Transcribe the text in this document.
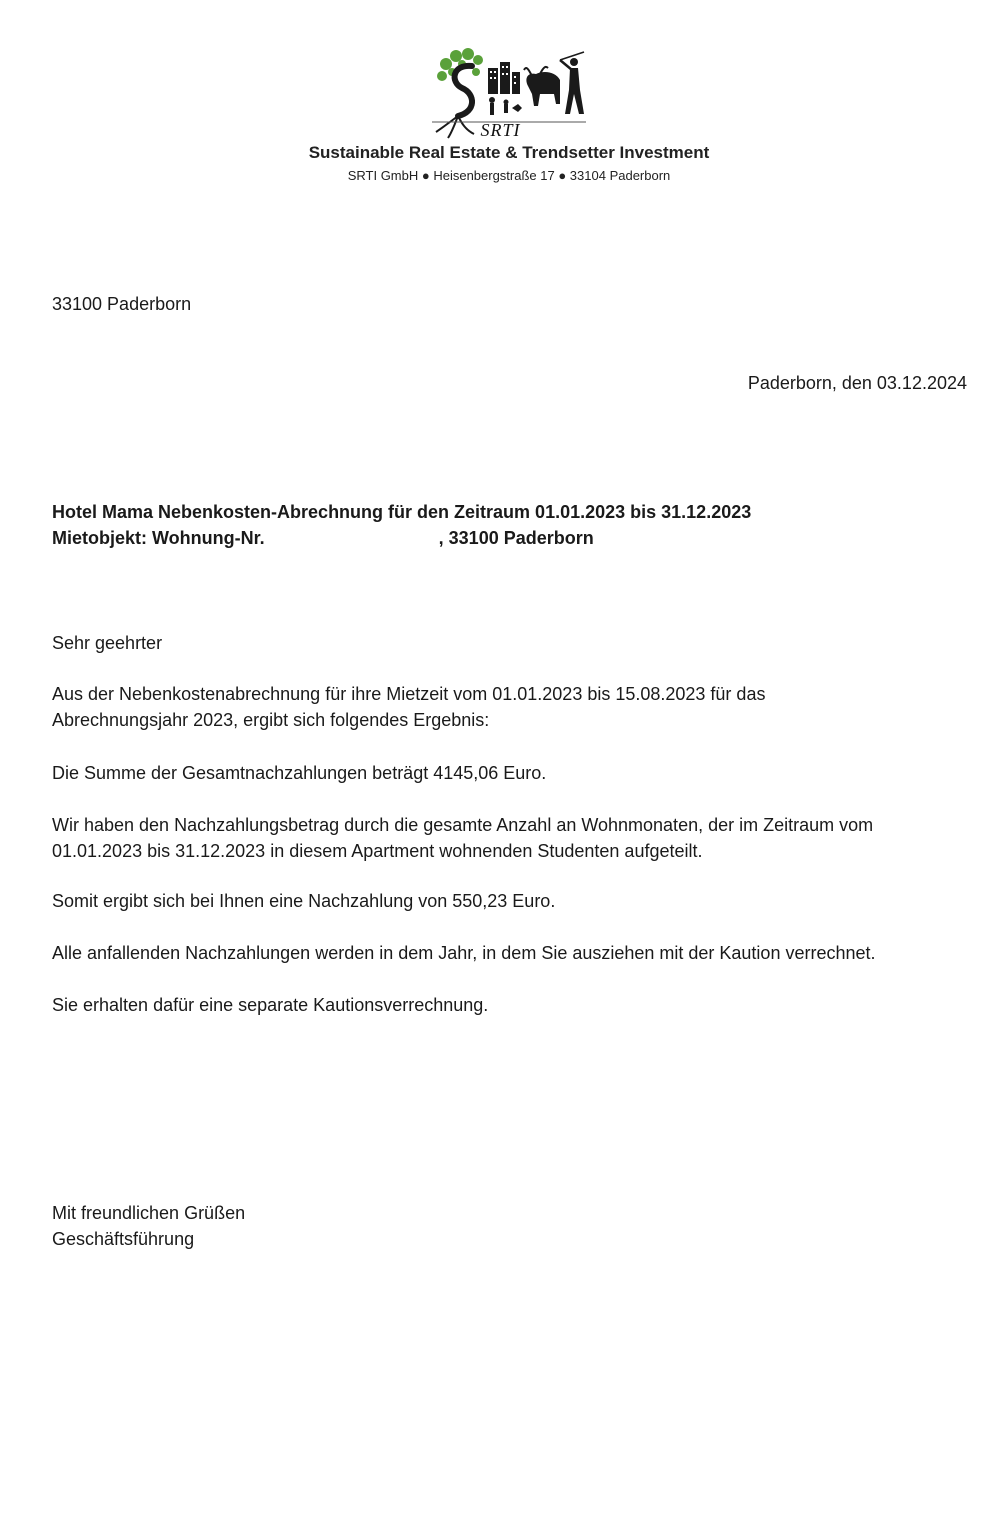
SRTI
Sustainable Real Estate & Trendsetter Investment
SRTI GmbH ● Heisenbergstraße 17 ● 33104 Paderborn
33100 Paderborn
Paderborn, den 03.12.2024
Hotel Mama Nebenkosten-Abrechnung für den Zeitraum 01.01.2023 bis 31.12.2023
Mietobjekt: Wohnung-Nr.	, 33100 Paderborn
Sehr geehrter
Aus der Nebenkostenabrechnung für ihre Mietzeit vom 01.01.2023 bis 15.08.2023 für das
Abrechnungsjahr 2023, ergibt sich folgendes Ergebnis:
Die Summe der Gesamtnachzahlungen beträgt 4145,06 Euro.
Wir haben den Nachzahlungsbetrag durch die gesamte Anzahl an Wohnmonaten, der im Zeitraum vom
01.01.2023 bis 31.12.2023 in diesem Apartment wohnenden Studenten aufgeteilt.
Somit ergibt sich bei Ihnen eine Nachzahlung von 550,23 Euro.
Alle anfallenden Nachzahlungen werden in dem Jahr, in dem Sie ausziehen mit der Kaution verrechnet.
Sie erhalten dafür eine separate Kautionsverrechnung.
Mit freundlichen Grüßen
Geschäftsführung
